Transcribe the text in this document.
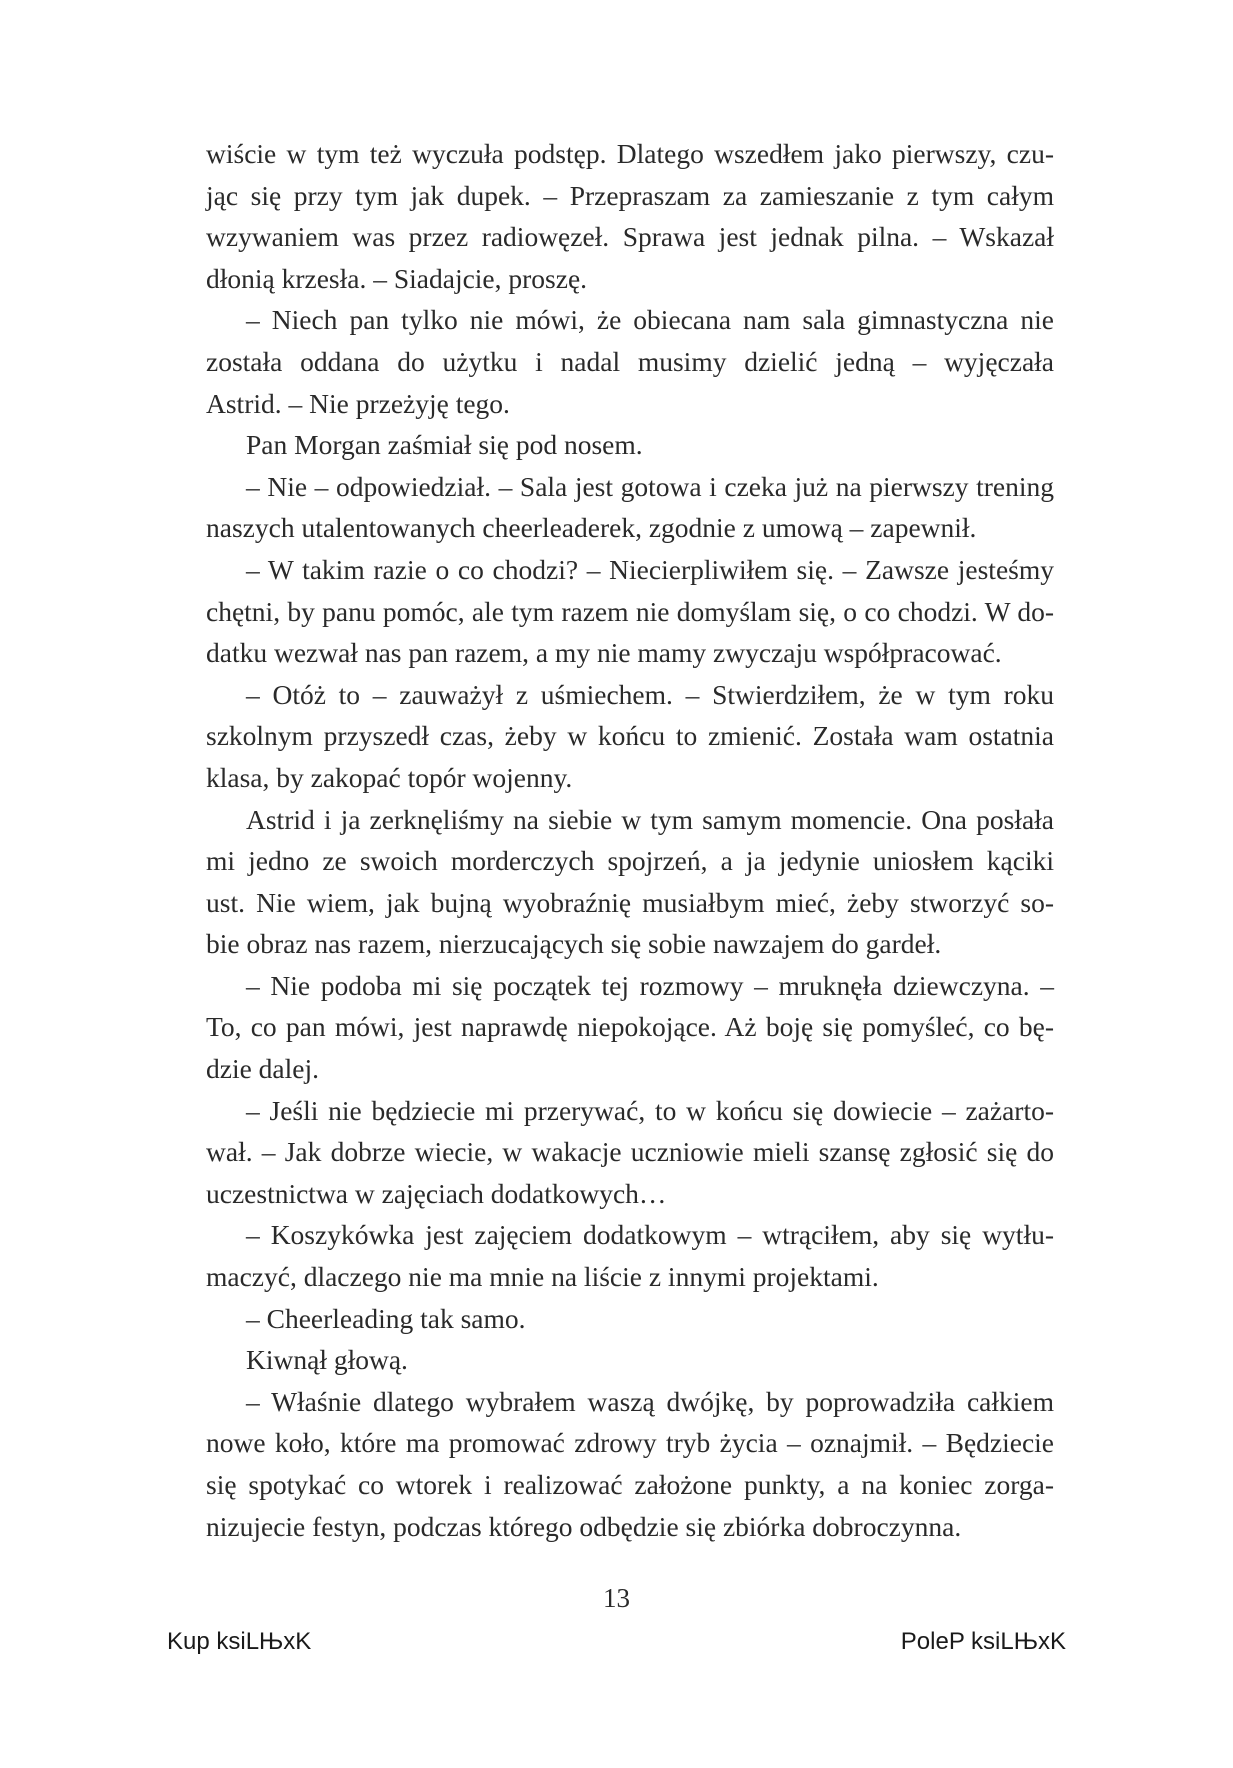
wiście w tym też wyczuła podstęp. Dlatego wszedłem jako pierwszy, czu-
jąc się przy tym jak dupek. – Przepraszam za zamieszanie z tym całym
wzywaniem was przez radiowęzeł. Sprawa jest jednak pilna. – Wskazał
dłonią krzesła. – Siadajcie, proszę.
– Niech pan tylko nie mówi, że obiecana nam sala gimnastyczna nie
została oddana do użytku i nadal musimy dzielić jedną – wyjęczała
Astrid. – Nie przeżyję tego.
Pan Morgan zaśmiał się pod nosem.
– Nie – odpowiedział. – Sala jest gotowa i czeka już na pierwszy trening
naszych utalentowanych cheerleaderek, zgodnie z umową – zapewnił.
– W takim razie o co chodzi? – Niecierpliwiłem się. – Zawsze jesteśmy
chętni, by panu pomóc, ale tym razem nie domyślam się, o co chodzi. W do-
datku wezwał nas pan razem, a my nie mamy zwyczaju współpracować.
– Otóż to – zauważył z uśmiechem. – Stwierdziłem, że w tym roku
szkolnym przyszedł czas, żeby w końcu to zmienić. Została wam ostatnia
klasa, by zakopać topór wojenny.
Astrid i ja zerknęliśmy na siebie w tym samym momencie. Ona posłała
mi jedno ze swoich morderczych spojrzeń, a ja jedynie uniosłem kąciki
ust. Nie wiem, jak bujną wyobraźnię musiałbym mieć, żeby stworzyć so-
bie obraz nas razem, nierzucających się sobie nawzajem do gardeł.
– Nie podoba mi się początek tej rozmowy – mruknęła dziewczyna. –
To, co pan mówi, jest naprawdę niepokojące. Aż boję się pomyśleć, co bę-
dzie dalej.
– Jeśli nie będziecie mi przerywać, to w końcu się dowiecie – zażarto-
wał. – Jak dobrze wiecie, w wakacje uczniowie mieli szansę zgłosić się do
uczestnictwa w zajęciach dodatkowych…
– Koszykówka jest zajęciem dodatkowym – wtrąciłem, aby się wytłu-
maczyć, dlaczego nie ma mnie na liście z innymi projektami.
– Cheerleading tak samo.
Kiwnął głową.
– Właśnie dlatego wybrałem waszą dwójkę, by poprowadziła całkiem
nowe koło, które ma promować zdrowy tryb życia – oznajmił. – Będziecie
się spotykać co wtorek i realizować założone punkty, a na koniec zorga-
nizujecie festyn, podczas którego odbędzie się zbiórka dobroczynna.
13
Kup ksiLЊxK	PoleP ksiLЊxK
